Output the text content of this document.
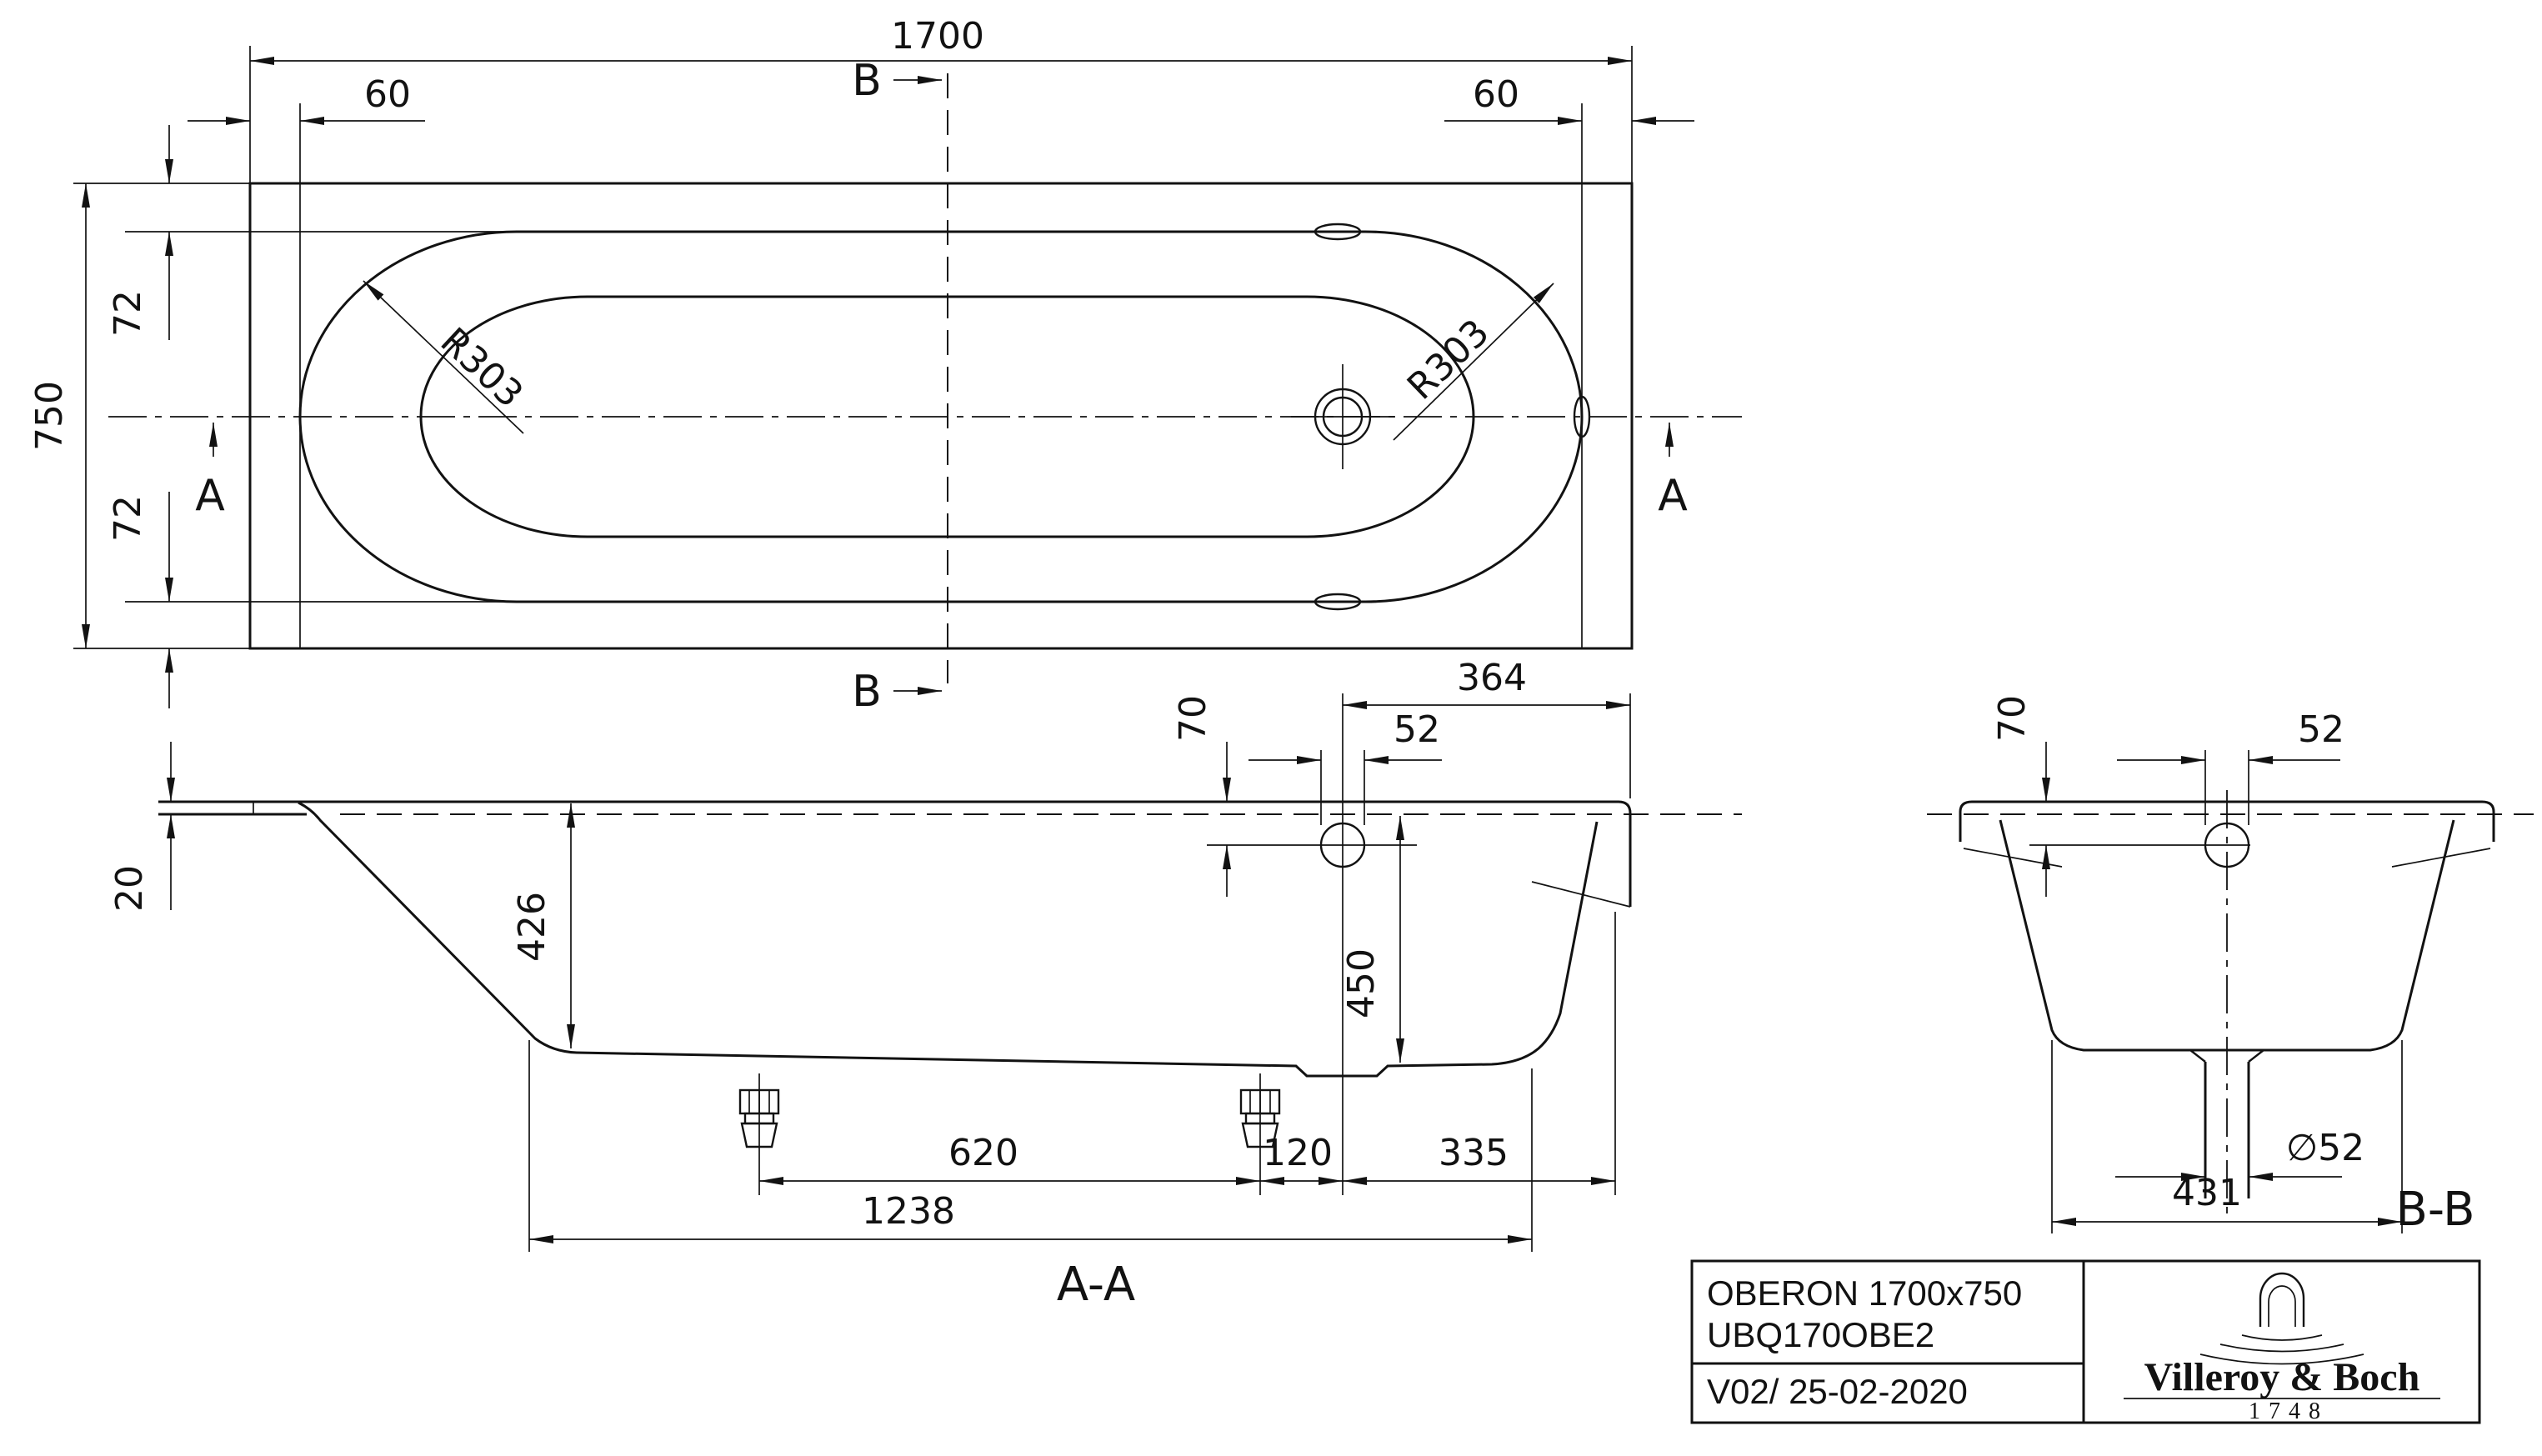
1700
60	60
750
72
72
R303	R303
B
B
A	A
20
426
364
52
70
450
620	120	335
1238
A-A
70	52
∅52
431	B-B
OBERON 1700x750
UBQ170OBE2
V02/ 25-02-2020	Villeroy & Boch
1748
